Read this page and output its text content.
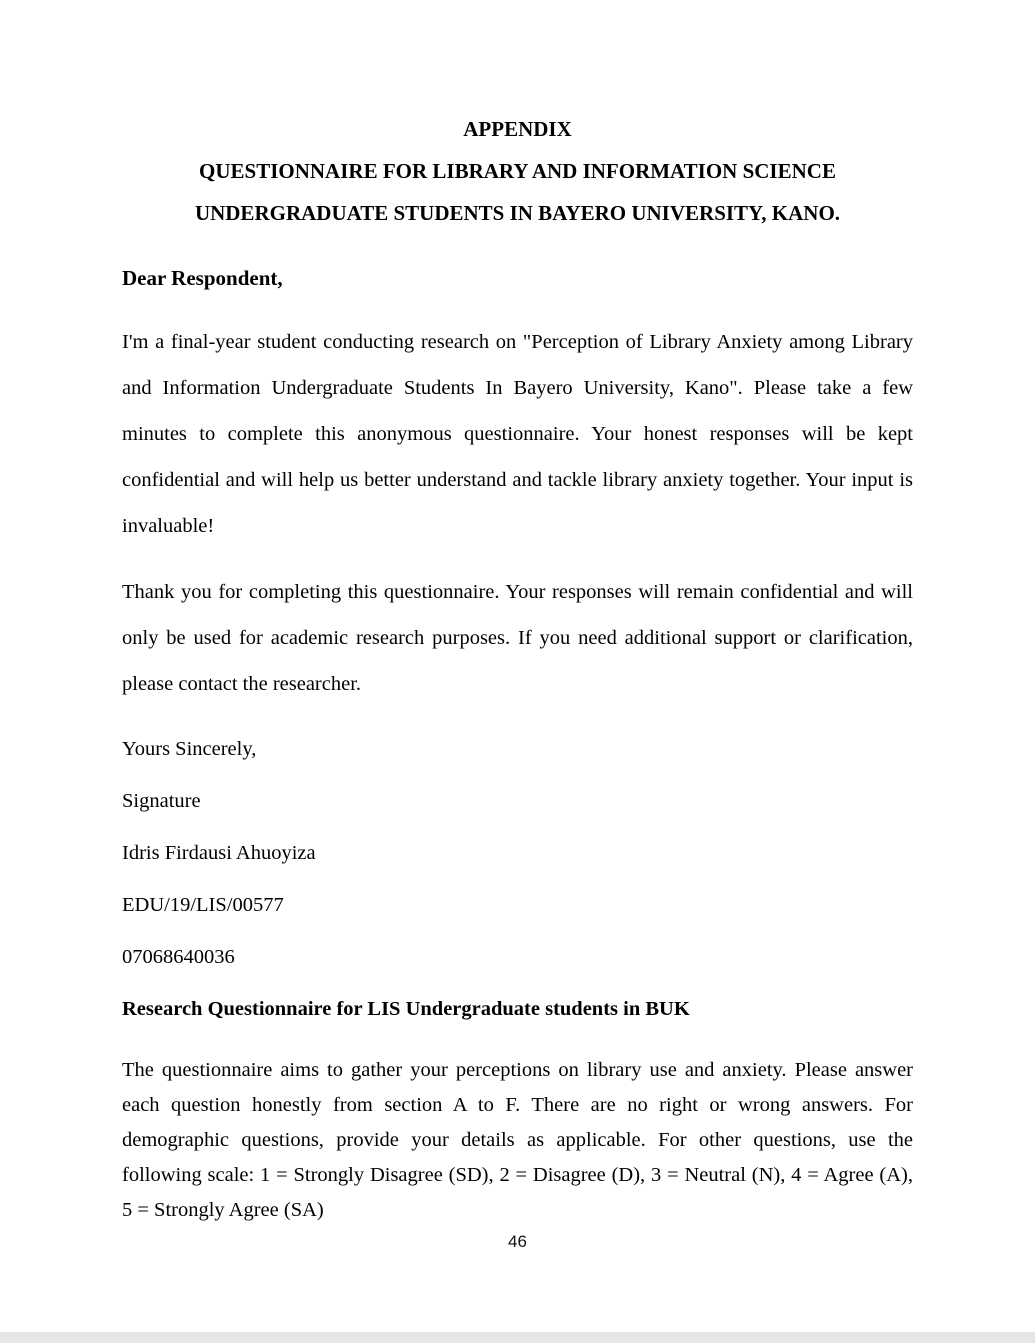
APPENDIX
QUESTIONNAIRE FOR LIBRARY AND INFORMATION SCIENCE
UNDERGRADUATE STUDENTS IN BAYERO UNIVERSITY, KANO.
Dear Respondent,

I'm a final-year student conducting research on "Perception of Library Anxiety among Library and Information Undergraduate Students In Bayero University, Kano". Please take a few minutes to complete this anonymous questionnaire. Your honest responses will be kept confidential and will help us better understand and tackle library anxiety together. Your input is invaluable!

Thank you for completing this questionnaire. Your responses will remain confidential and will only be used for academic research purposes. If you need additional support or clarification, please contact the researcher.

Yours Sincerely,
Signature
Idris Firdausi Ahuoyiza
EDU/19/LIS/00577
07068640036
Research Questionnaire for LIS Undergraduate students in BUK

The questionnaire aims to gather your perceptions on library use and anxiety. Please answer each question honestly from section A to F. There are no right or wrong answers. For demographic questions, provide your details as applicable. For other questions, use the following scale: 1 = Strongly Disagree (SD), 2 = Disagree (D), 3 = Neutral (N), 4 = Agree (A), 5 = Strongly Agree (SA)

46
